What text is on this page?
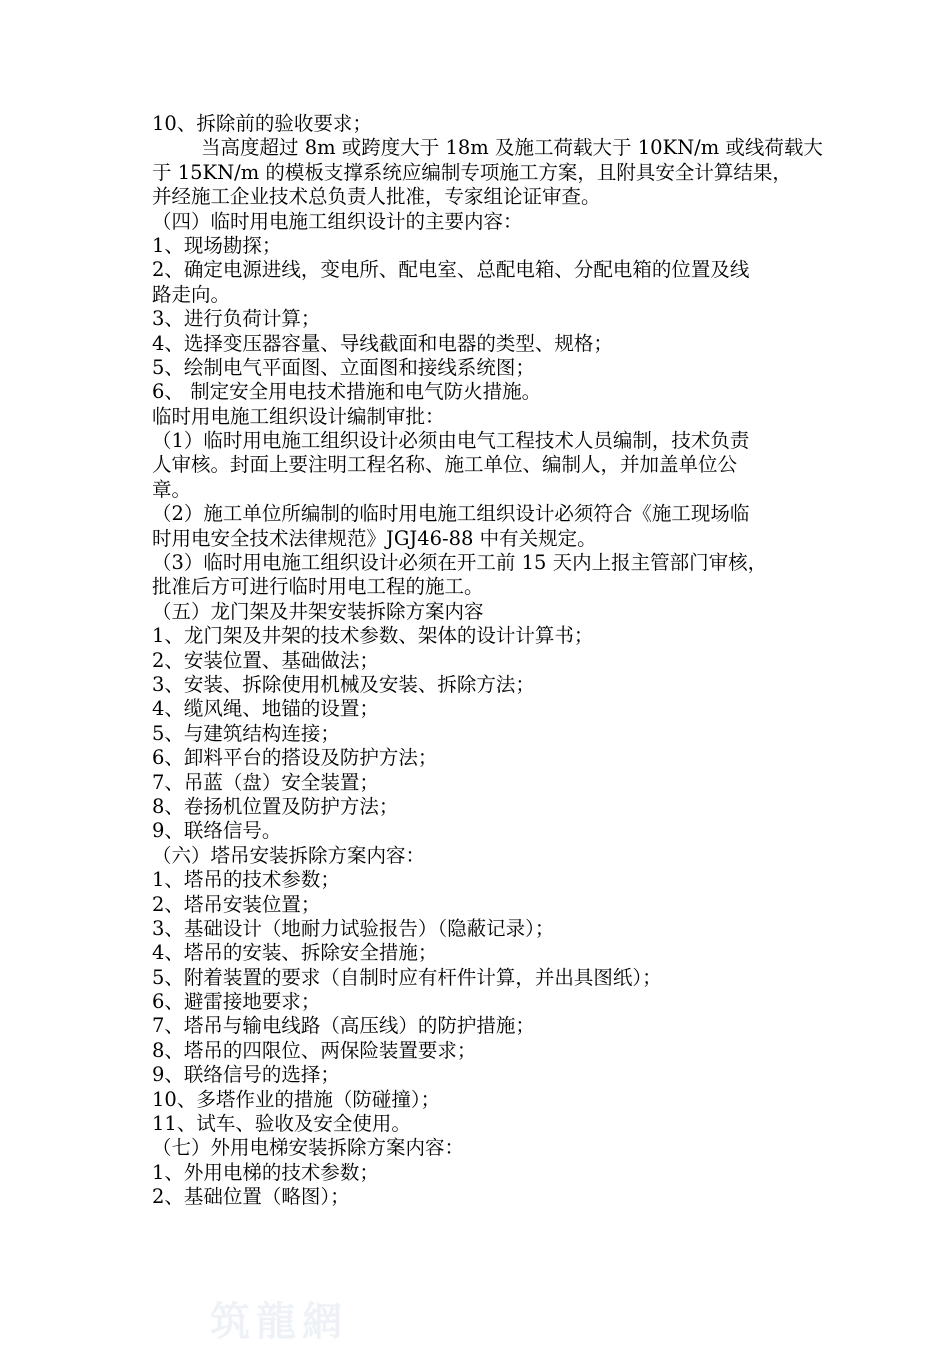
10、拆除前的验收要求；

当高度超过 8m 或跨度大于 18m 及施工荷载大于 10KN/m 或线荷载大

于 15KN/m 的模板支撑系统应编制专项施工方案，且附具安全计算结果，

并经施工企业技术总负责人批准，专家组论证审查。

（四）临时用电施工组织设计的主要内容：

1、现场勘探；

2、确定电源进线，变电所、配电室、总配电箱、分配电箱的位置及线

路走向。

3、进行负荷计算；

4、选择变压器容量、导线截面和电器的类型、规格；

5、绘制电气平面图、立面图和接线系统图；

6、 制定安全用电技术措施和电气防火措施。

临时用电施工组织设计编制审批：

（1）临时用电施工组织设计必须由电气工程技术人员编制，技术负责

人审核。封面上要注明工程名称、施工单位、编制人，并加盖单位公

章。

（2）施工单位所编制的临时用电施工组织设计必须符合《施工现场临

时用电安全技术法律规范》JGJ46-88 中有关规定。

（3）临时用电施工组织设计必须在开工前 15 天内上报主管部门审核，

批准后方可进行临时用电工程的施工。

（五）龙门架及井架安装拆除方案内容

1、龙门架及井架的技术参数、架体的设计计算书；

2、安装位置、基础做法；

3、安装、拆除使用机械及安装、拆除方法；

4、缆风绳、地锚的设置；

5、与建筑结构连接；

6、卸料平台的搭设及防护方法；

7、吊蓝（盘）安全装置；

8、卷扬机位置及防护方法；

9、联络信号。

（六）塔吊安装拆除方案内容：

1、塔吊的技术参数；

2、塔吊安装位置；

3、基础设计（地耐力试验报告）（隐蔽记录）；

4、塔吊的安装、拆除安全措施；

5、附着装置的要求（自制时应有杆件计算，并出具图纸）；

6、避雷接地要求；

7、塔吊与输电线路（高压线）的防护措施；

8、塔吊的四限位、两保险装置要求；

9、联络信号的选择；

10、多塔作业的措施（防碰撞）；

11、试车、验收及安全使用。

（七）外用电梯安装拆除方案内容：

1、外用电梯的技术参数；

2、基础位置（略图）；

筑龍網
